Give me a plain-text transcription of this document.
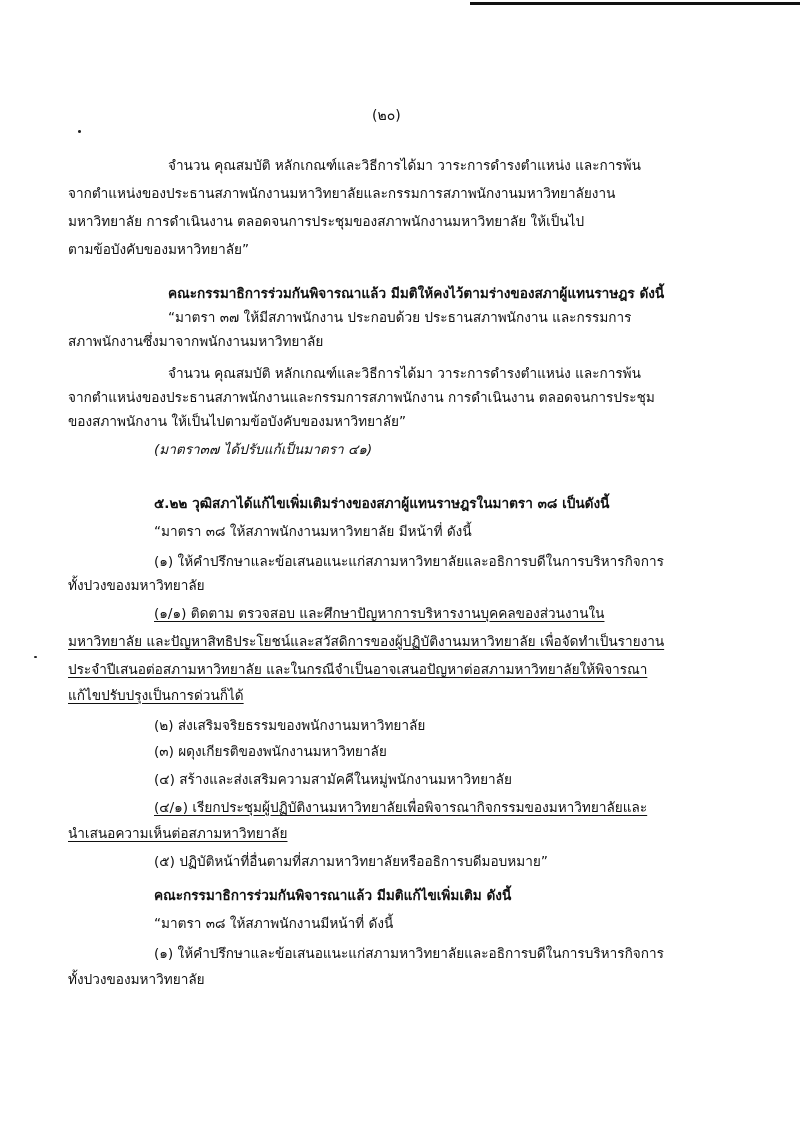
(๒๐)
จำนวน คุณสมบัติ หลักเกณฑ์และวิธีการได้มา วาระการดำรงตำแหน่ง และการพ้น
จากตำแหน่งของประธานสภาพนักงานมหาวิทยาลัยและกรรมการสภาพนักงานมหาวิทยาลัยงาน
มหาวิทยาลัย การดำเนินงาน ตลอดจนการประชุมของสภาพนักงานมหาวิทยาลัย ให้เป็นไป
ตามข้อบังคับของมหาวิทยาลัย”
คณะกรรมาธิการร่วมกันพิจารณาแล้ว มีมติให้คงไว้ตามร่างของสภาผู้แทนราษฎร ดังนี้
“มาตรา ๓๗ ให้มีสภาพนักงาน ประกอบด้วย ประธานสภาพนักงาน และกรรมการ
สภาพนักงานซึ่งมาจากพนักงานมหาวิทยาลัย
จำนวน คุณสมบัติ หลักเกณฑ์และวิธีการได้มา วาระการดำรงตำแหน่ง และการพ้น
จากตำแหน่งของประธานสภาพนักงานและกรรมการสภาพนักงาน การดำเนินงาน ตลอดจนการประชุม
ของสภาพนักงาน ให้เป็นไปตามข้อบังคับของมหาวิทยาลัย”
(มาตรา๓๗ ได้ปรับแก้เป็นมาตรา ๔๑)
๕.๒๒ วุฒิสภาได้แก้ไขเพิ่มเติมร่างของสภาผู้แทนราษฎรในมาตรา ๓๘ เป็นดังนี้
“มาตรา ๓๘ ให้สภาพนักงานมหาวิทยาลัย มีหน้าที่ ดังนี้
(๑) ให้คำปรึกษาและข้อเสนอแนะแก่สภามหาวิทยาลัยและอธิการบดีในการบริหารกิจการ
ทั้งปวงของมหาวิทยาลัย
(๑/๑) ติดตาม ตรวจสอบ และศึกษาปัญหาการบริหารงานบุคคลของส่วนงานใน
มหาวิทยาลัย และปัญหาสิทธิประโยชน์และสวัสดิการของผู้ปฏิบัติงานมหาวิทยาลัย เพื่อจัดทำเป็นรายงาน
ประจำปีเสนอต่อสภามหาวิทยาลัย และในกรณีจำเป็นอาจเสนอปัญหาต่อสภามหาวิทยาลัยให้พิจารณา
แก้ไขปรับปรุงเป็นการด่วนก็ได้
(๒) ส่งเสริมจริยธรรมของพนักงานมหาวิทยาลัย
(๓) ผดุงเกียรติของพนักงานมหาวิทยาลัย
(๔) สร้างและส่งเสริมความสามัคคีในหมู่พนักงานมหาวิทยาลัย
(๔/๑) เรียกประชุมผู้ปฏิบัติงานมหาวิทยาลัยเพื่อพิจารณากิจกรรมของมหาวิทยาลัยและ
นำเสนอความเห็นต่อสภามหาวิทยาลัย
(๕) ปฏิบัติหน้าที่อื่นตามที่สภามหาวิทยาลัยหรืออธิการบดีมอบหมาย”
คณะกรรมาธิการร่วมกันพิจารณาแล้ว มีมติแก้ไขเพิ่มเติม ดังนี้
“มาตรา ๓๘ ให้สภาพนักงานมีหน้าที่ ดังนี้
(๑) ให้คำปรึกษาและข้อเสนอแนะแก่สภามหาวิทยาลัยและอธิการบดีในการบริหารกิจการ
ทั้งปวงของมหาวิทยาลัย
